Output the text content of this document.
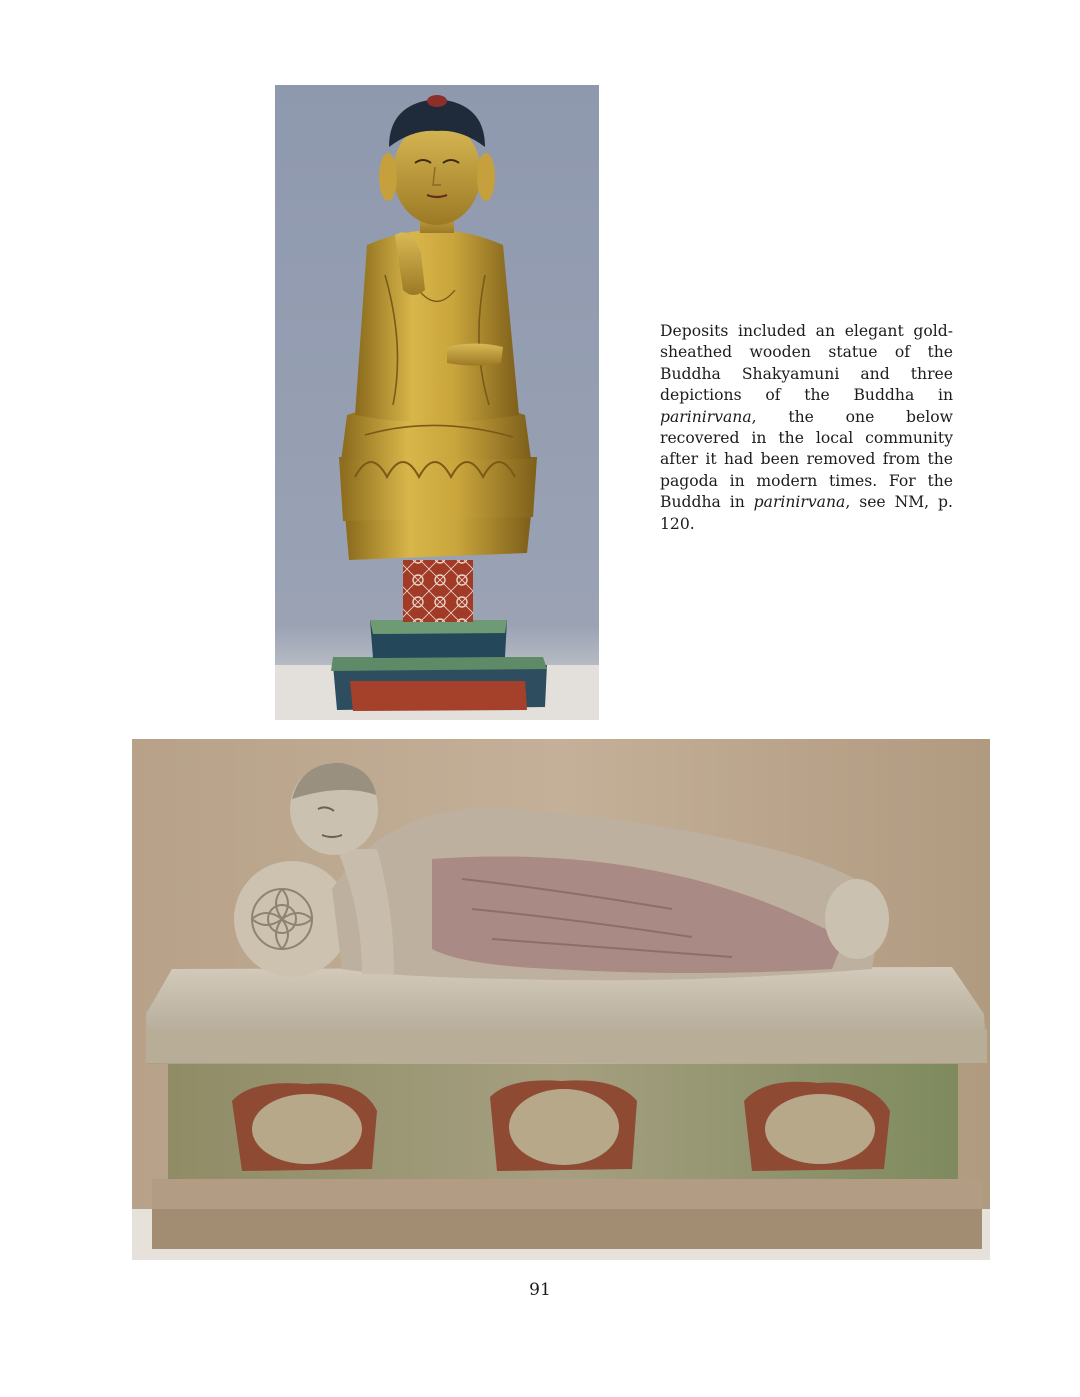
Deposits included an elegant gold-sheathed wooden statue of the Buddha Shakyamuni and three depictions of the Buddha in parinirvana, the one below recovered in the local community after it had been removed from the pagoda in modern times. For the Buddha in parinirvana, see NM, p. 120.

91
